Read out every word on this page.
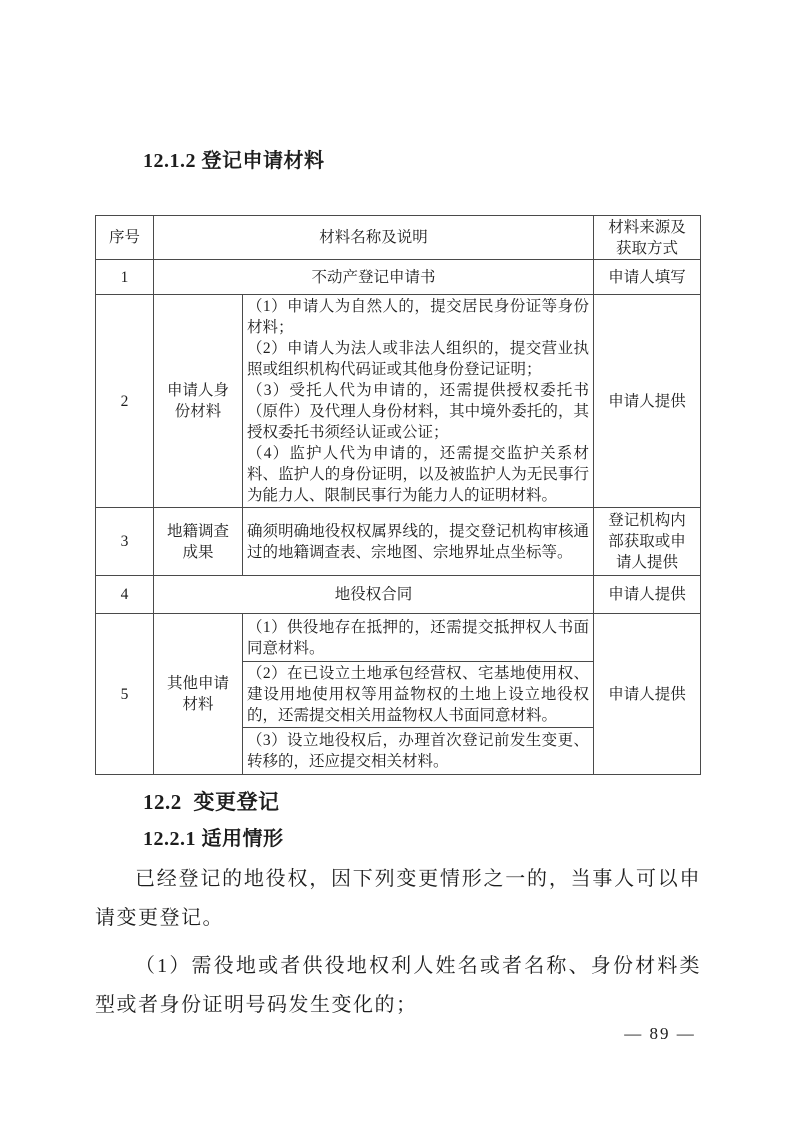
12.1.2 登记申请材料
序号	材料名称及说明		材料来源及获取方式
1	不动产登记申请书		申请人填写
2	申请人身份材料	（1）申请人为自然人的，提交居民身份证等身份材料；
（2）申请人为法人或非法人组织的，提交营业执照或组织机构代码证或其他身份登记证明；
（3）受托人代为申请的，还需提供授权委托书（原件）及代理人身份材料，其中境外委托的，其授权委托书须经认证或公证；
（4）监护人代为申请的，还需提交监护关系材料、监护人的身份证明，以及被监护人为无民事行为能力人、限制民事行为能力人的证明材料。	申请人提供
3	地籍调查成果	确须明确地役权权属界线的，提交登记机构审核通过的地籍调查表、宗地图、宗地界址点坐标等。	登记机构内部获取或申请人提供
4	地役权合同		申请人提供
5	其他申请材料	（1）供役地存在抵押的，还需提交抵押权人书面同意材料。	申请人提供
		（2）在已设立土地承包经营权、宅基地使用权、建设用地使用权等用益物权的土地上设立地役权的，还需提交相关用益物权人书面同意材料。	
		（3）设立地役权后，办理首次登记前发生变更、转移的，还应提交相关材料。	
12.2 变更登记
12.2.1 适用情形

已经登记的地役权，因下列变更情形之一的，当事人可以申请变更登记。

（1）需役地或者供役地权利人姓名或者名称、身份材料类型或者身份证明号码发生变化的；

— 89 —
